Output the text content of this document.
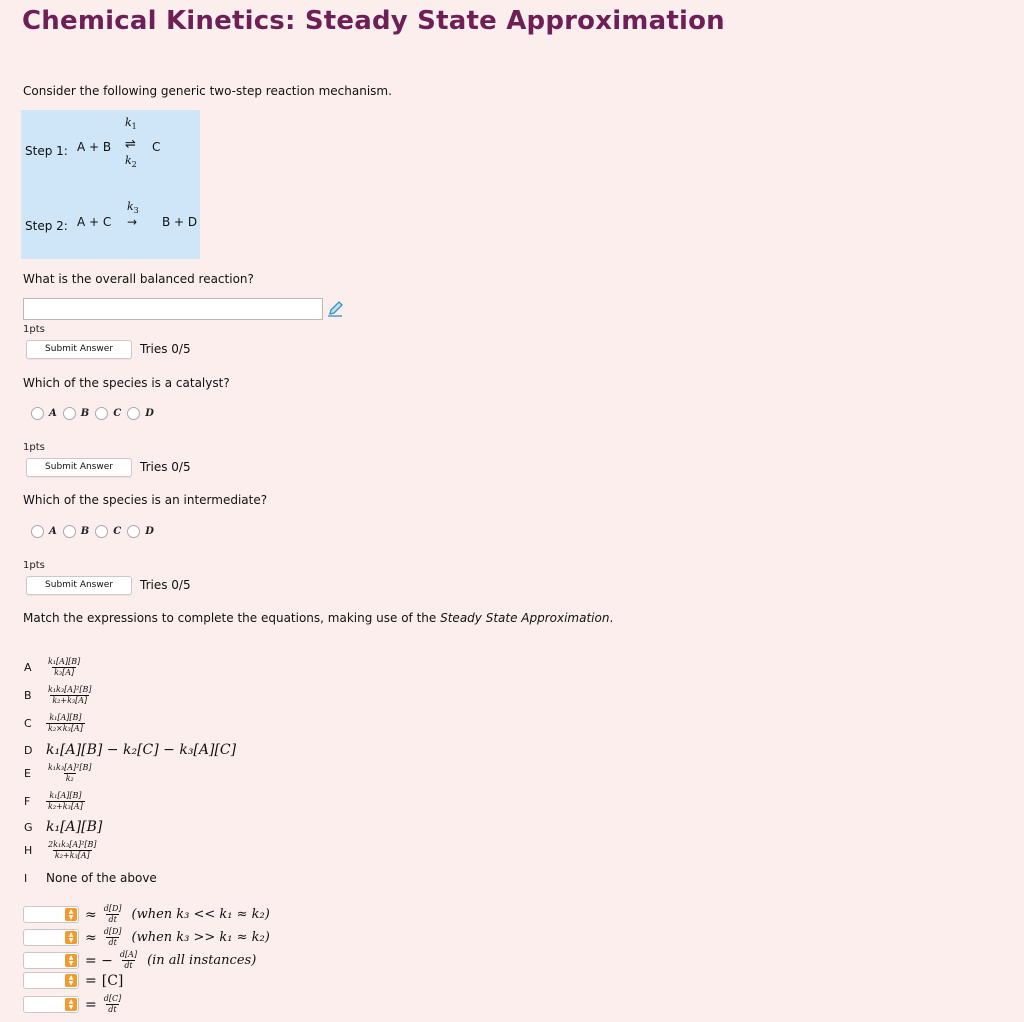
Chemical Kinetics: Steady State Approximation
Consider the following generic two-step reaction mechanism.
$k_1$
Step 1: A + B ⇌ C
$k_2$
$k_3$
Step 2: A + C → B + D
What is the overall balanced reaction?
1pts
Submit Answer	Tries 0/5
Which of the species is a catalyst?
A B C D
1pts
Submit Answer	Tries 0/5
Which of the species is an intermediate?
A B C D
1pts
Submit Answer	Tries 0/5
Match the expressions to complete the equations, making use of the Steady State Approximation.
A	$\frac{\text{k₁[A][B]}}{\text{k₃[A]}}$
B	$\frac{\text{k₁k₃[A]²[B]}}{\text{k₂+k₃[A]}}$
C	$\frac{\text{k₁[A][B]}}{\text{k₂×k₃[A]}}$
D k₁[A][B] − k₂[C] − k₃[A][C]
E	$\frac{\text{k₁k₃[A]²[B]}}{\text{k₂}}$
F	$\frac{\text{k₁[A][B]}}{\text{k₂+k₃[A]}}$
G k₁[A][B]
H	$\frac{\text{2k₁k₃[A]²[B]}}{\text{k₂+k₃[A]}}$
I	None of the above
▲
▼ ≈ $\frac{d[D]}{dt}$ (when k₃ << k₁ ≈ k₂)
▲
▼ ≈ $\frac{d[D]}{dt}$ (when k₃ >> k₁ ≈ k₂)
▲
▼ = − $\frac{d[A]}{dt} (in$ all instances)
▲
▼ = [C]
▲
▼ = $\frac{d[C]}{dt}$
